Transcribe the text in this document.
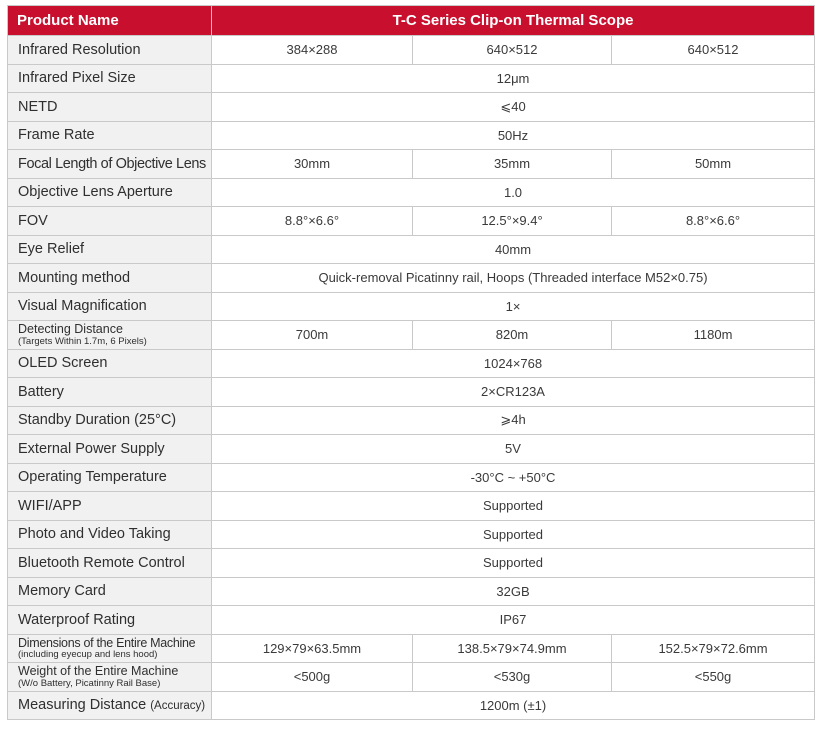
Product Name	T-C Series Clip-on Thermal Scope		
Infrared Resolution	384×288	640×512	640×512
Infrared Pixel Size	12μm		
NETD	⩽40		
Frame Rate	50Hz		
Focal Length of Objective Lens	30mm	35mm	50mm
Objective Lens Aperture	1.0		
FOV	8.8°×6.6°	12.5°×9.4°	8.8°×6.6°
Eye Relief	40mm		
Mounting method	Quick-removal Picatinny rail, Hoops (Threaded interface M52×0.75)		
Visual Magnification	1×		

Detecting Distance
(Targets Within 1.7m, 6 Pixels)	700m	820m	1180m
OLED Screen	1024×768		
Battery	2×CR123A		
Standby Duration (25°C)	⩾4h		
External Power Supply	5V		
Operating Temperature	-30°C ~ +50°C		
WIFI/APP	Supported		
Photo and Video Taking	Supported		
Bluetooth Remote Control	Supported		
Memory Card	32GB		
Waterproof Rating	IP67		

Dimensions of the Entire Machine
(including eyecup and lens hood)	129×79×63.5mm	138.5×79×74.9mm	152.5×79×72.6mm

Weight of the Entire Machine
(W/o Battery, Picatinny Rail Base)	<500g	<530g	<550g
Measuring Distance (Accuracy)	1200m (±1)		
